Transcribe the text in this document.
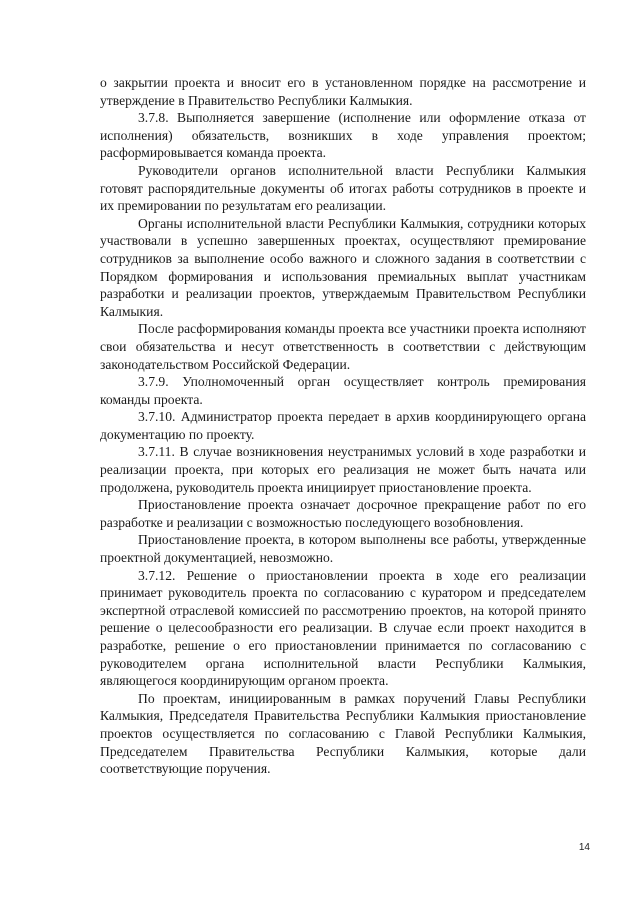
о закрытии проекта и вносит его в установленном порядке на рассмотрение и утверждение в Правительство Республики Калмыкия.

3.7.8. Выполняется завершение (исполнение или оформление отказа от исполнения) обязательств, возникших в ходе управления проектом; расформировывается команда проекта.

Руководители органов исполнительной власти Республики Калмыкия готовят распорядительные документы об итогах работы сотрудников в проекте и их премировании по результатам его реализации.

Органы исполнительной власти Республики Калмыкия, сотрудники которых участвовали в успешно завершенных проектах, осуществляют премирование сотрудников за выполнение особо важного и сложного задания в соответствии с Порядком формирования и использования премиальных выплат участникам разработки и реализации проектов, утверждаемым Правительством Республики Калмыкия.

После расформирования команды проекта все участники проекта исполняют свои обязательства и несут ответственность в соответствии с действующим законодательством Российской Федерации.

3.7.9. Уполномоченный орган осуществляет контроль премирования команды проекта.

3.7.10. Администратор проекта передает в архив координирующего органа документацию по проекту.

3.7.11. В случае возникновения неустранимых условий в ходе разработки и реализации проекта, при которых его реализация не может быть начата или продолжена, руководитель проекта инициирует приостановление проекта.

Приостановление проекта означает досрочное прекращение работ по его разработке и реализации с возможностью последующего возобновления.

Приостановление проекта, в котором выполнены все работы, утвержденные проектной документацией, невозможно.

3.7.12. Решение о приостановлении проекта в ходе его реализации принимает руководитель проекта по согласованию с куратором и председателем экспертной отраслевой комиссией по рассмотрению проектов, на которой принято решение о целесообразности его реализации. В случае если проект находится в разработке, решение о его приостановлении принимается по согласованию с руководителем органа исполнительной власти Республики Калмыкия, являющегося координирующим органом проекта.

По проектам, инициированным в рамках поручений Главы Республики Калмыкия, Председателя Правительства Республики Калмыкия приостановление проектов осуществляется по согласованию с Главой Республики Калмыкия, Председателем Правительства Республики Калмыкия, которые дали соответствующие поручения.

14
